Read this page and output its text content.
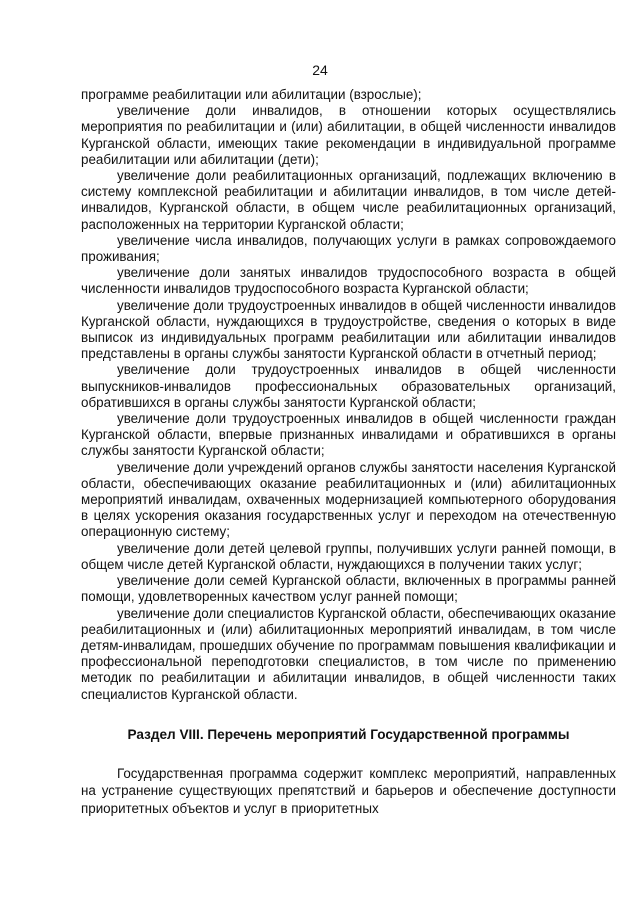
24

программе реабилитации или абилитации (взрослые);

увеличение доли инвалидов, в отношении которых осуществлялись мероприятия по реабилитации и (или) абилитации, в общей численности инвалидов Курганской области, имеющих такие рекомендации в индивидуальной программе реабилитации или абилитации (дети);

увеличение доли реабилитационных организаций, подлежащих включению в систему комплексной реабилитации и абилитации инвалидов, в том числе детей-инвалидов, Курганской области, в общем числе реабилитационных организаций, расположенных на территории Курганской области;

увеличение числа инвалидов, получающих услуги в рамках сопровождаемого проживания;

увеличение доли занятых инвалидов трудоспособного возраста в общей численности инвалидов трудоспособного возраста Курганской области;

увеличение доли трудоустроенных инвалидов в общей численности инвалидов Курганской области, нуждающихся в трудоустройстве, сведения о которых в виде выписок из индивидуальных программ реабилитации или абилитации инвалидов представлены в органы службы занятости Курганской области в отчетный период;

увеличение доли трудоустроенных инвалидов в общей численности выпускников-инвалидов профессиональных образовательных организаций, обратившихся в органы службы занятости Курганской области;

увеличение доли трудоустроенных инвалидов в общей численности граждан Курганской области, впервые признанных инвалидами и обратившихся в органы службы занятости Курганской области;

увеличение доли учреждений органов службы занятости населения Курганской области, обеспечивающих оказание реабилитационных и (или) абилитационных мероприятий инвалидам, охваченных модернизацией компьютерного оборудования в целях ускорения оказания государственных услуг и переходом на отечественную операционную систему;

увеличение доли детей целевой группы, получивших услуги ранней помощи, в общем числе детей Курганской области, нуждающихся в получении таких услуг;

увеличение доли семей Курганской области, включенных в программы ранней помощи, удовлетворенных качеством услуг ранней помощи;

увеличение доли специалистов Курганской области, обеспечивающих оказание реабилитационных и (или) абилитационных мероприятий инвалидам, в том числе детям-инвалидам, прошедших обучение по программам повышения квалификации и профессиональной переподготовки специалистов, в том числе по применению методик по реабилитации и абилитации инвалидов, в общей численности таких специалистов Курганской области.

Раздел VIII. Перечень мероприятий Государственной программы

Государственная программа содержит комплекс мероприятий, направленных на устранение существующих препятствий и барьеров и обеспечение доступности приоритетных объектов и услуг в приоритетных
